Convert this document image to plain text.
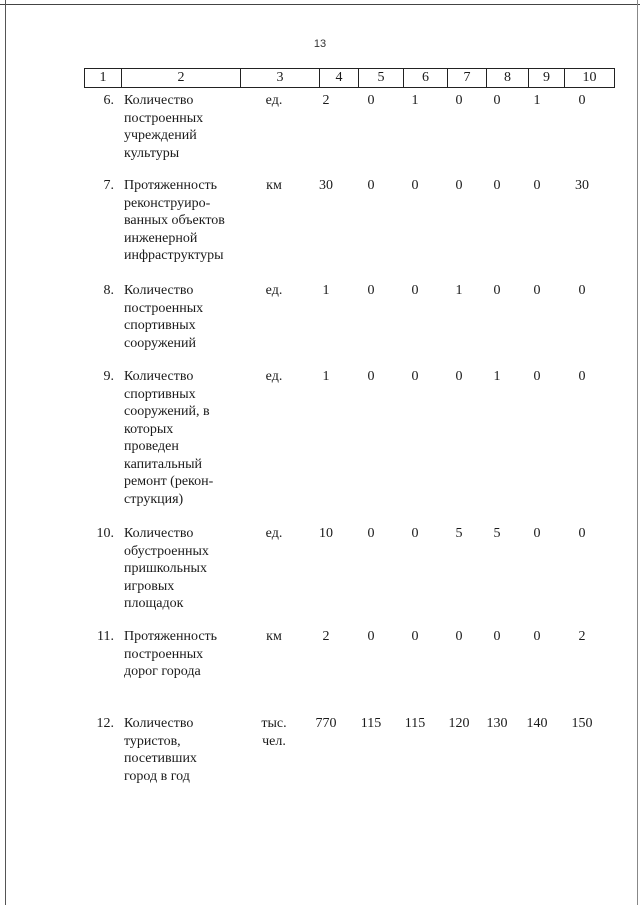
13
1	2	3	4	5	6	7	8	9	10
6. Количество
построенных
учреждений
культуры
ед.	2	0	1	0	0	1	0
7. Протяженность
реконструиро-
ванных объектов
инженерной
инфраструктуры
км	30	0	0	0	0	0	30
8. Количество
построенных
спортивных
сооружений
ед.	1	0	0	1	0	0	0
9. Количество
спортивных
сооружений, в
которых
проведен
капитальный
ремонт (рекон-
струкция)
ед.	1	0	0	0	1	0	0
10. Количество
обустроенных
пришкольных
игровых
площадок
ед.	10	0	0	5	5	0	0
11. Протяженность
построенных
дорог города
км	2	0	0	0	0	0	2
12. Количество
туристов,
посетивших
город в год
тыс.
чел.
770	115	115	120	130	140	150
